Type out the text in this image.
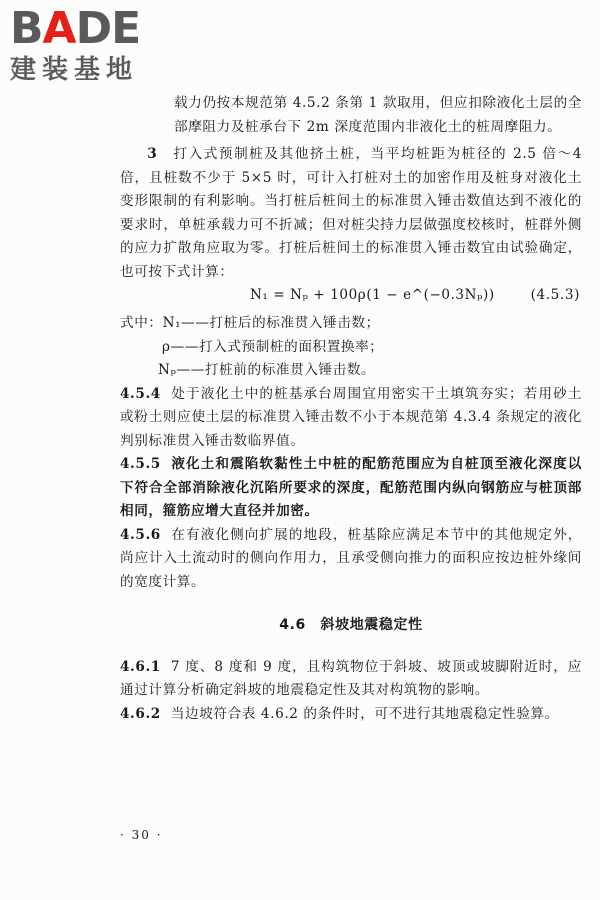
BADE
建装基地

载力仍按本规范第 4.5.2 条第 1 款取用，但应扣除液化土层的全部摩阻力及桩承台下 2m 深度范围内非液化土的桩周摩阻力。

3　 打入式预制桩及其他挤土桩，当平均桩距为桩径的 2.5 倍～4 倍，且桩数不少于 5×5 时，可计入打桩对土的加密作用及桩身对液化土变形限制的有利影响。当打桩后桩间土的标准贯入锤击数值达到不液化的要求时，单桩承载力可不折减；但对桩尖持力层做强度校核时，桩群外侧的应力扩散角应取为零。打桩后桩间土的标准贯入锤击数宜由试验确定，也可按下式计算：

N₁ = Nₚ + 100ρ(1 − e^(−0.3Nₚ))	(4.5.3)

式中：N₁——打桩后的标准贯入锤击数；

ρ——打入式预制桩的面积置换率；

Nₚ——打桩前的标准贯入锤击数。

4.5.4 处于液化土中的桩基承台周围宜用密实干土填筑夯实；若用砂土或粉土则应使土层的标准贯入锤击数不小于本规范第 4.3.4 条规定的液化判别标准贯入锤击数临界值。

4.5.5 液化土和震陷软黏性土中桩的配筋范围应为自桩顶至液化深度以下符合全部消除液化沉陷所要求的深度，配筋范围内纵向钢筋应与桩顶部相同，箍筋应增大直径并加密。

4.5.6 在有液化侧向扩展的地段，桩基除应满足本节中的其他规定外，尚应计入土流动时的侧向作用力，且承受侧向推力的面积应按边桩外缘间的宽度计算。

4.6　斜坡地震稳定性

4.6.1 7 度、8 度和 9 度，且构筑物位于斜坡、坡顶或坡脚附近时，应通过计算分析确定斜坡的地震稳定性及其对构筑物的影响。

4.6.2 当边坡符合表 4.6.2 的条件时，可不进行其地震稳定性验算。

· 30 ·
